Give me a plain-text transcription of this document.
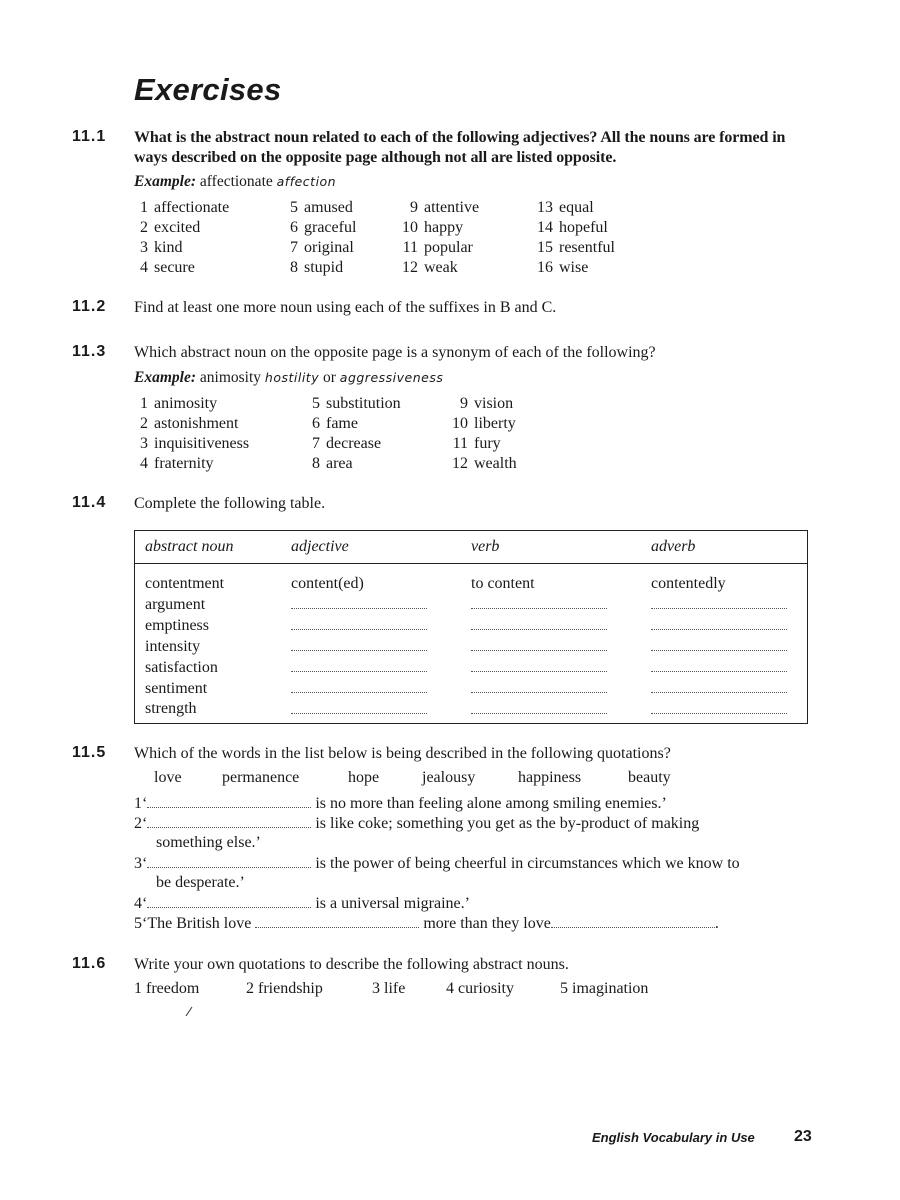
Exercises
11.1 What is the abstract noun related to each of the following adjectives? All the nouns are formed in ways described on the opposite page although not all are listed opposite.
Example: affectionate affection
1 affectionate
2 excited
3 kind
4 secure
5 amused
6 graceful
7 original
8 stupid
9 attentive
10 happy
11 popular
12 weak
13 equal
14 hopeful
15 resentful
16 wise
11.2 Find at least one more noun using each of the suffixes in B and C.
11.3 Which abstract noun on the opposite page is a synonym of each of the following?
Example: animosity hostility or aggressiveness
1 animosity
2 astonishment
3 inquisitiveness
4 fraternity
5 substitution
6 fame
7 decrease
8 area
9 vision
10 liberty
11 fury
12 wealth
11.4 Complete the following table.
abstract noun	adjective	verb	adverb
contentment	content(ed)	to content	contentedly
argument			
emptiness			
intensity			
satisfaction			
sentiment			
strength			
11.5 Which of the words in the list below is being described in the following quotations?
love	permanence	hope	jealousy	happiness	beauty
1‘	is no more than feeling alone among smiling enemies.’
2‘	is like coke; something you get as the by-product of making
something else.’
3‘	is the power of being cheerful in circumstances which we know to
be desperate.’
4‘	is a universal migraine.’
5‘The British love	more than they love	.
11.6 Write your own quotations to describe the following abstract nouns.
1 freedom	2 friendship	3 life	4 curiosity	5 imagination
English Vocabulary in Use 23
